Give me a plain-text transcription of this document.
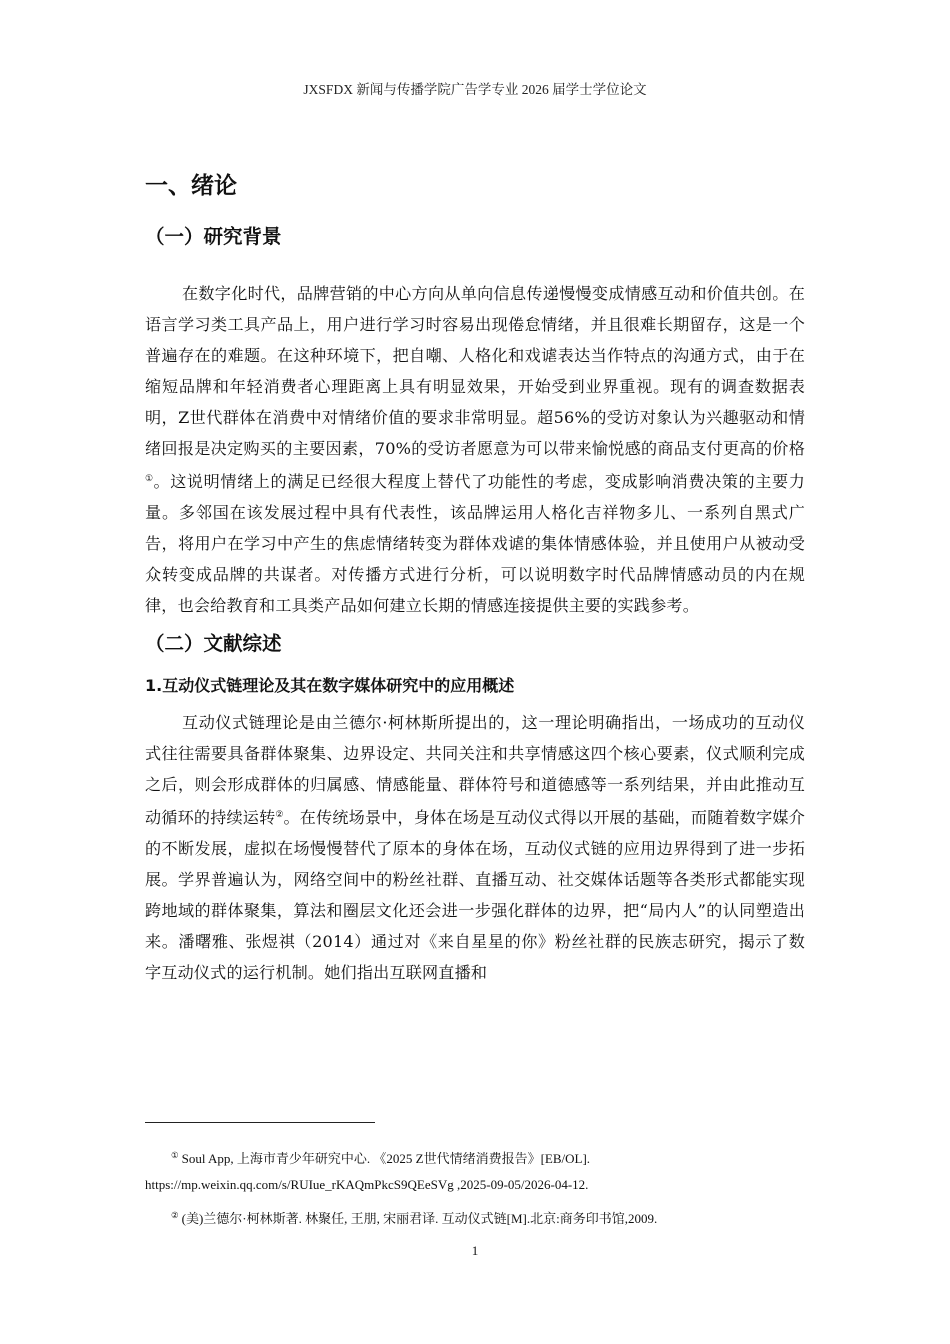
JXSFDX 新闻与传播学院广告学专业 2026 届学士学位论文
一、绪论
（一）研究背景

在数字化时代，品牌营销的中心方向从单向信息传递慢慢变成情感互动和价值共创。在语言学习类工具产品上，用户进行学习时容易出现倦怠情绪，并且很难长期留存，这是一个普遍存在的难题。在这种环境下，把自嘲、人格化和戏谑表达当作特点的沟通方式，由于在缩短品牌和年轻消费者心理距离上具有明显效果，开始受到业界重视。现有的调查数据表明，Z世代群体在消费中对情绪价值的要求非常明显。超56%的受访对象认为兴趣驱动和情绪回报是决定购买的主要因素，70%的受访者愿意为可以带来愉悦感的商品支付更高的价格①。这说明情绪上的满足已经很大程度上替代了功能性的考虑，变成影响消费决策的主要力量。多邻国在该发展过程中具有代表性，该品牌运用人格化吉祥物多儿、一系列自黑式广告，将用户在学习中产生的焦虑情绪转变为群体戏谑的集体情感体验，并且使用户从被动受众转变成品牌的共谋者。对传播方式进行分析，可以说明数字时代品牌情感动员的内在规律，也会给教育和工具类产品如何建立长期的情感连接提供主要的实践参考。

（二）文献综述
1.互动仪式链理论及其在数字媒体研究中的应用概述

互动仪式链理论是由兰德尔·柯林斯所提出的，这一理论明确指出，一场成功的互动仪式往往需要具备群体聚集、边界设定、共同关注和共享情感这四个核心要素，仪式顺利完成之后，则会形成群体的归属感、情感能量、群体符号和道德感等一系列结果，并由此推动互动循环的持续运转②。在传统场景中，身体在场是互动仪式得以开展的基础，而随着数字媒介的不断发展，虚拟在场慢慢替代了原本的身体在场，互动仪式链的应用边界得到了进一步拓展。学界普遍认为，网络空间中的粉丝社群、直播互动、社交媒体话题等各类形式都能实现跨地域的群体聚集，算法和圈层文化还会进一步强化群体的边界，把“局内人”的认同塑造出来。潘曙雅、张煜祺（2014）通过对《来自星星的你》粉丝社群的民族志研究，揭示了数字互动仪式的运行机制。她们指出互联网直播和

① Soul App, 上海市青少年研究中心. 《2025 Z世代情绪消费报告》[EB/OL].
https://mp.weixin.qq.com/s/RUIue_rKAQmPkcS9QEeSVg ,2025-09-05/2026-04-12.
② (美)兰德尔·柯林斯著. 林聚任, 王朋, 宋丽君译. 互动仪式链[M].北京:商务印书馆,2009.
1
